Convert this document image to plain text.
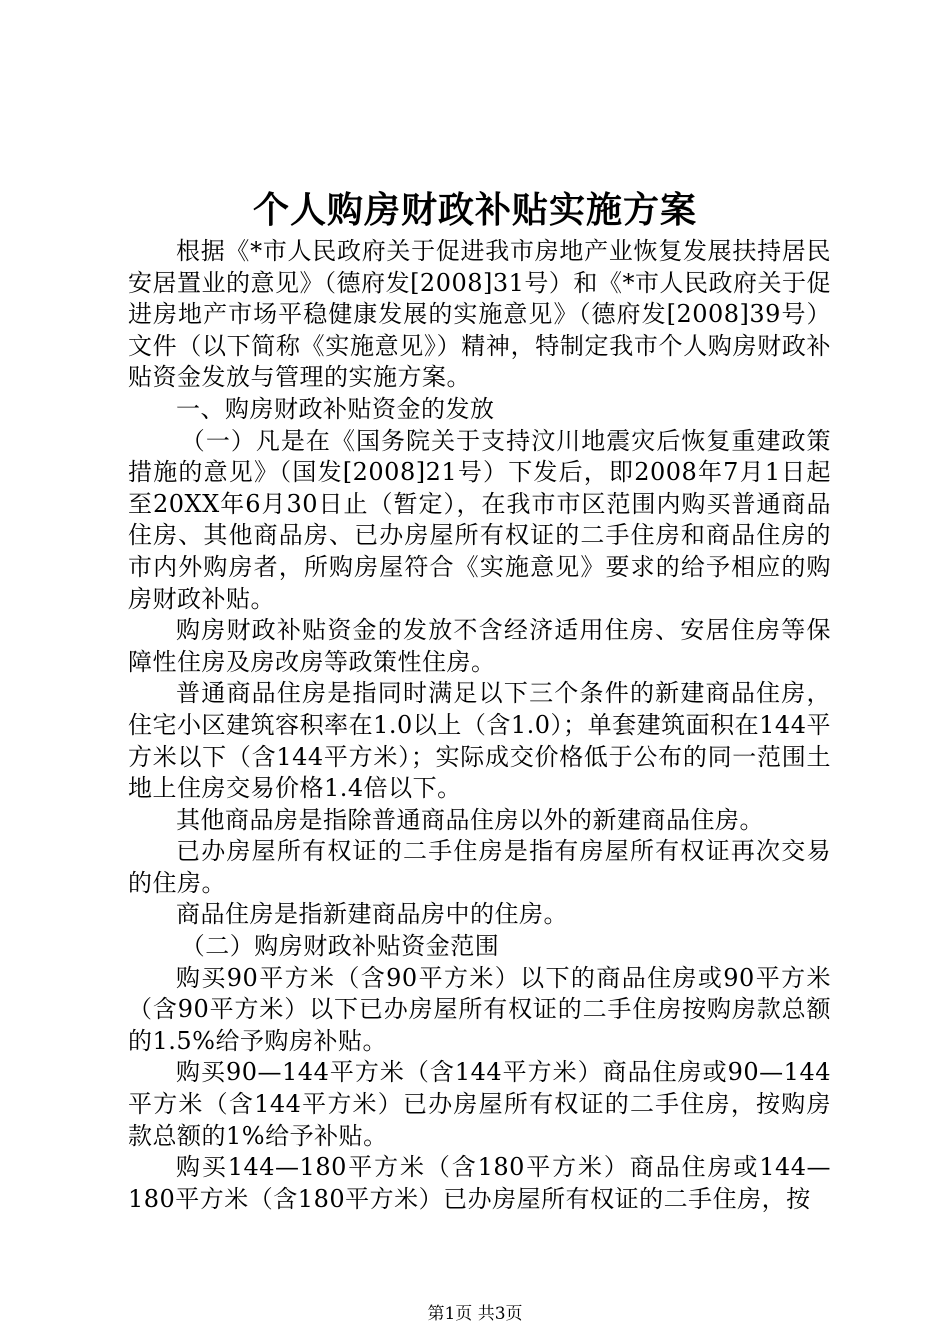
个人购房财政补贴实施方案

根据《*市人民政府关于促进我市房地产业恢复发展扶持居民安居置业的意见》（德府发[2008]31号）和《*市人民政府关于促进房地产市场平稳健康发展的实施意见》（德府发[2008]39号）文件（以下简称《实施意见》）精神，特制定我市个人购房财政补贴资金发放与管理的实施方案。

一、购房财政补贴资金的发放

（一）凡是在《国务院关于支持汶川地震灾后恢复重建政策措施的意见》（国发[2008]21号）下发后，即2008年7月1日起至20XX年6月30日止（暂定），在我市市区范围内购买普通商品住房、其他商品房、已办房屋所有权证的二手住房和商品住房的市内外购房者，所购房屋符合《实施意见》要求的给予相应的购房财政补贴。

购房财政补贴资金的发放不含经济适用住房、安居住房等保障性住房及房改房等政策性住房。

普通商品住房是指同时满足以下三个条件的新建商品住房，住宅小区建筑容积率在1.0以上（含1.0）；单套建筑面积在144平方米以下（含144平方米）；实际成交价格低于公布的同一范围土地上住房交易价格1.4倍以下。

其他商品房是指除普通商品住房以外的新建商品住房。

已办房屋所有权证的二手住房是指有房屋所有权证再次交易的住房。

商品住房是指新建商品房中的住房。

（二）购房财政补贴资金范围

购买90平方米（含90平方米）以下的商品住房或90平方米（含90平方米）以下已办房屋所有权证的二手住房按购房款总额的1.5%给予购房补贴。

购买90—144平方米（含144平方米）商品住房或90—144平方米（含144平方米）已办房屋所有权证的二手住房，按购房款总额的1%给予补贴。

购买144—180平方米（含180平方米）商品住房或144—180平方米（含180平方米）已办房屋所有权证的二手住房，按

第1页 共3页
